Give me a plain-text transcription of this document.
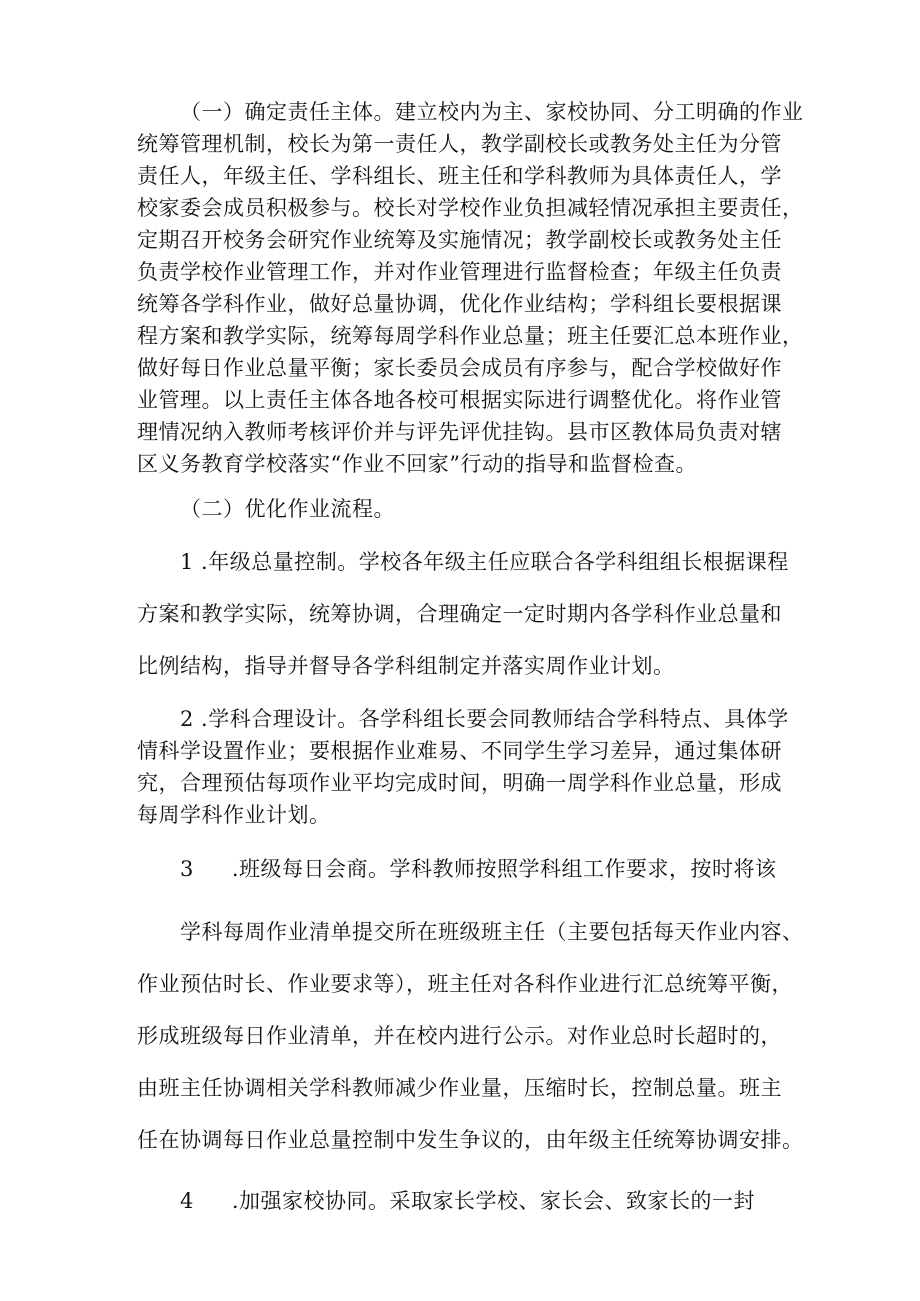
（一）确定责任主体。建立校内为主、家校协同、分工明确的作业
统筹管理机制，校长为第一责任人，教学副校长或教务处主任为分管
责任人，年级主任、学科组长、班主任和学科教师为具体责任人，学
校家委会成员积极参与。校长对学校作业负担减轻情况承担主要责任，
定期召开校务会研究作业统筹及实施情况；教学副校长或教务处主任
负责学校作业管理工作，并对作业管理进行监督检查；年级主任负责
统筹各学科作业，做好总量协调，优化作业结构；学科组长要根据课
程方案和教学实际，统筹每周学科作业总量；班主任要汇总本班作业，
做好每日作业总量平衡；家长委员会成员有序参与，配合学校做好作
业管理。以上责任主体各地各校可根据实际进行调整优化。将作业管
理情况纳入教师考核评价并与评先评优挂钩。县市区教体局负责对辖
区义务教育学校落实“作业不回家”行动的指导和监督检查。
（二）优化作业流程。
1 .年级总量控制。学校各年级主任应联合各学科组组长根据课程
方案和教学实际，统筹协调，合理确定一定时期内各学科作业总量和
比例结构，指导并督导各学科组制定并落实周作业计划。
2 .学科合理设计。各学科组长要会同教师结合学科特点、具体学
情科学设置作业；要根据作业难易、不同学生学习差异，通过集体研
究，合理预估每项作业平均完成时间，明确一周学科作业总量，形成
每周学科作业计划。
3 .班级每日会商。学科教师按照学科组工作要求，按时将该
学科每周作业清单提交所在班级班主任（主要包括每天作业内容、
作业预估时长、作业要求等），班主任对各科作业进行汇总统筹平衡，
形成班级每日作业清单，并在校内进行公示。对作业总时长超时的，
由班主任协调相关学科教师减少作业量，压缩时长，控制总量。班主
任在协调每日作业总量控制中发生争议的，由年级主任统筹协调安排。
4 .加强家校协同。采取家长学校、家长会、致家长的一封
